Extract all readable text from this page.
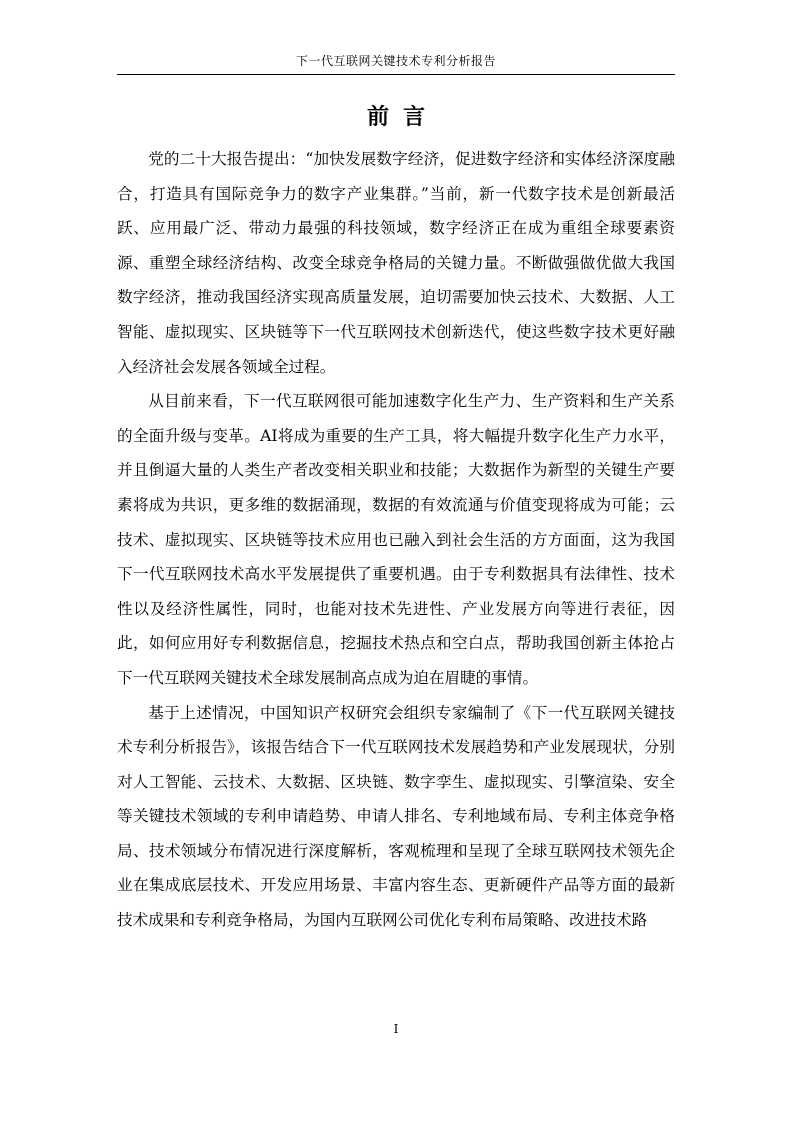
下一代互联网关键技术专利分析报告
前言

党的二十大报告提出：“加快发展数字经济，促进数字经济和实体经济深度融合，打造具有国际竞争力的数字产业集群。”当前，新一代数字技术是创新最活跃、应用最广泛、带动力最强的科技领域，数字经济正在成为重组全球要素资源、重塑全球经济结构、改变全球竞争格局的关键力量。不断做强做优做大我国数字经济，推动我国经济实现高质量发展，迫切需要加快云技术、大数据、人工智能、虚拟现实、区块链等下一代互联网技术创新迭代，使这些数字技术更好融入经济社会发展各领域全过程。

从目前来看，下一代互联网很可能加速数字化生产力、生产资料和生产关系的全面升级与变革。AI将成为重要的生产工具，将大幅提升数字化生产力水平，并且倒逼大量的人类生产者改变相关职业和技能；大数据作为新型的关键生产要素将成为共识，更多维的数据涌现，数据的有效流通与价值变现将成为可能；云技术、虚拟现实、区块链等技术应用也已融入到社会生活的方方面面，这为我国下一代互联网技术高水平发展提供了重要机遇。由于专利数据具有法律性、技术性以及经济性属性，同时，也能对技术先进性、产业发展方向等进行表征，因此，如何应用好专利数据信息，挖掘技术热点和空白点，帮助我国创新主体抢占下一代互联网关键技术全球发展制高点成为迫在眉睫的事情。

基于上述情况，中国知识产权研究会组织专家编制了《下一代互联网关键技术专利分析报告》，该报告结合下一代互联网技术发展趋势和产业发展现状，分别对人工智能、云技术、大数据、区块链、数字孪生、虚拟现实、引擎渲染、安全等关键技术领域的专利申请趋势、申请人排名、专利地域布局、专利主体竞争格局、技术领域分布情况进行深度解析，客观梳理和呈现了全球互联网技术领先企业在集成底层技术、开发应用场景、丰富内容生态、更新硬件产品等方面的最新技术成果和专利竞争格局，为国内互联网公司优化专利布局策略、改进技术路

I
